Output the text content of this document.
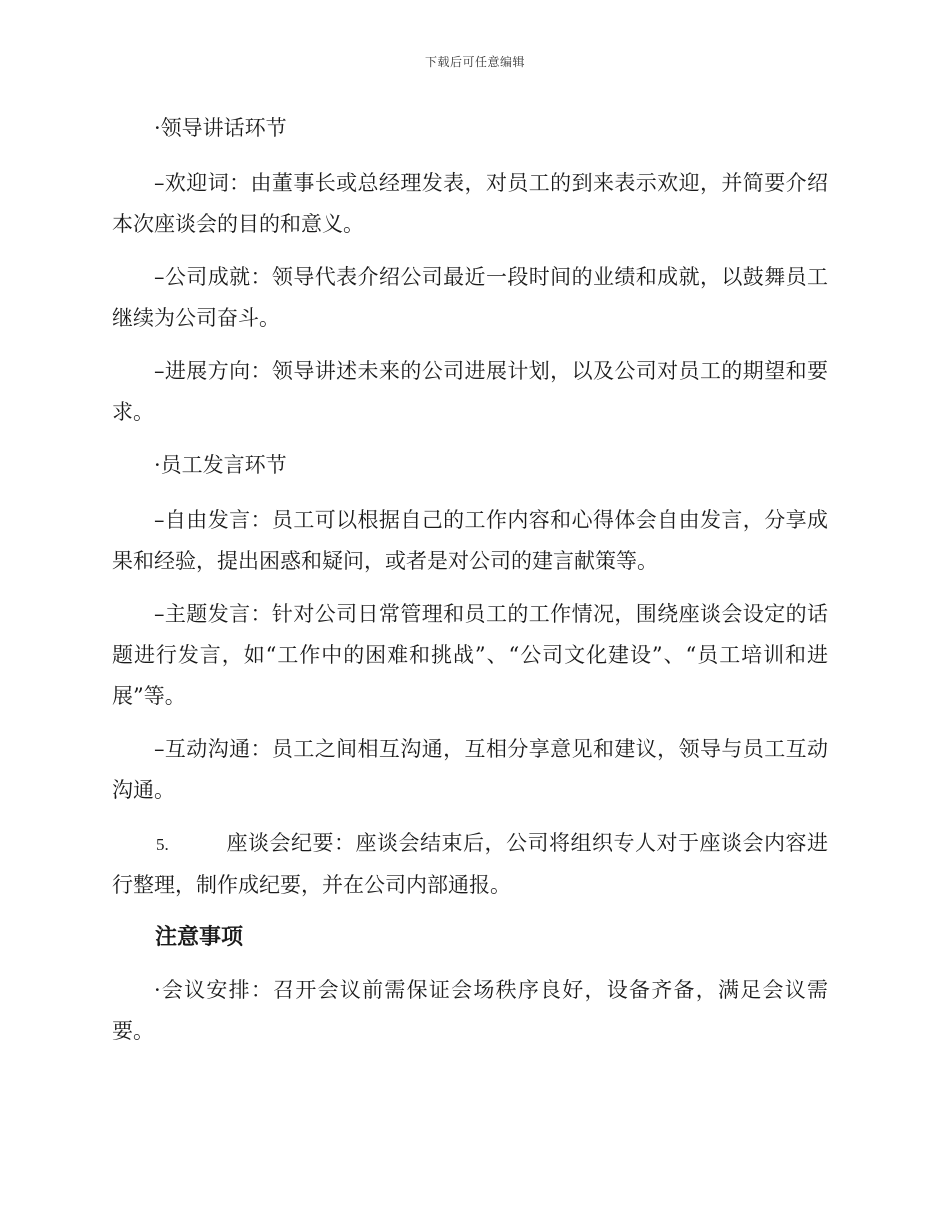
下载后可任意编辑

·领导讲话环节

–欢迎词：由董事长或总经理发表，对员工的到来表示欢迎，并简要介绍本次座谈会的目的和意义。

–公司成就：领导代表介绍公司最近一段时间的业绩和成就，以鼓舞员工继续为公司奋斗。

–进展方向：领导讲述未来的公司进展计划，以及公司对员工的期望和要求。

·员工发言环节

–自由发言：员工可以根据自己的工作内容和心得体会自由发言，分享成果和经验，提出困惑和疑问，或者是对公司的建言献策等。

–主题发言：针对公司日常管理和员工的工作情况，围绕座谈会设定的话题进行发言，如“工作中的困难和挑战”、“公司文化建设”、“员工培训和进展”等。

–互动沟通：员工之间相互沟通，互相分享意见和建议，领导与员工互动沟通。

5.	座谈会纪要：座谈会结束后，公司将组织专人对于座谈会内容进行整理，制作成纪要，并在公司内部通报。

注意事项

·会议安排：召开会议前需保证会场秩序良好，设备齐备，满足会议需要。
